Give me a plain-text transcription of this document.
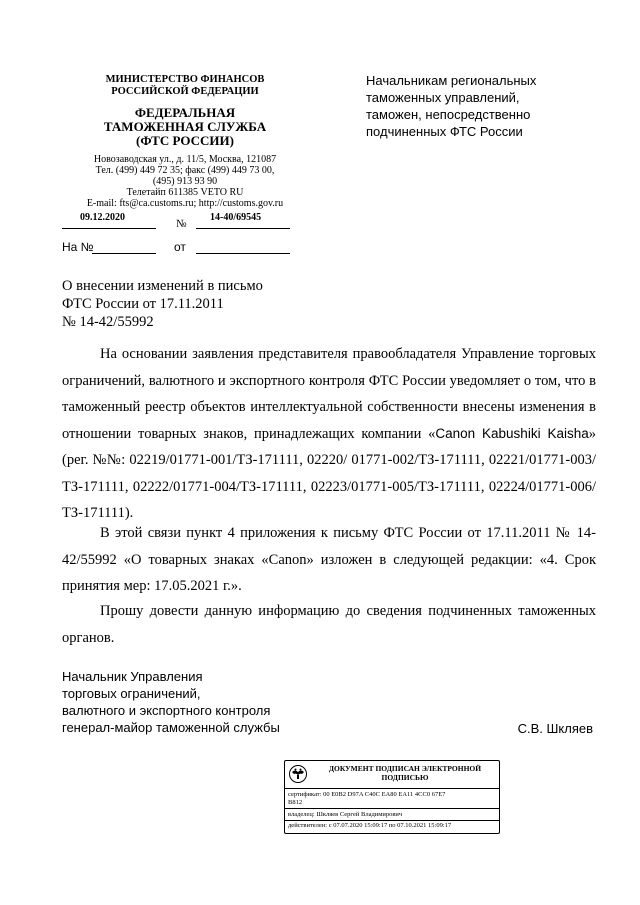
МИНИСТЕРСТВО ФИНАНСОВ
РОССИЙСКОЙ ФЕДЕРАЦИИ
ФЕДЕРАЛЬНАЯ
ТАМОЖЕННАЯ СЛУЖБА
(ФТС РОССИИ)
Новозаводская ул., д. 11/5, Москва, 121087
Тел. (499) 449 72 35; факс (499) 449 73 00,
(495) 913 93 90
Телетайп 611385 VETO RU
E-mail: fts@ca.customs.ru; http://customs.gov.ru
09.12.2020
№
14-40/69545
На №	от
Начальникам региональных
таможенных управлений,
таможен, непосредственно
подчиненных ФТС России
О внесении изменений в письмо
ФТС России от 17.11.2011
№ 14-42/55992
На основании заявления представителя правообладателя Управление торговых ограничений, валютного и экспортного контроля ФТС России уведомляет о том, что в таможенный реестр объектов интеллектуальной собственности внесены изменения в отношении товарных знаков, принадлежащих компании «Canon Kabushiki Kaisha» (рег. №№: 02219/01771-001/ТЗ-171111, 02220/ 01771-002/ТЗ-171111, 02221/01771-003/ТЗ-171111, 02222/01771-004/ТЗ-171111, 02223/01771-005/ТЗ-171111, 02224/01771-006/ТЗ-171111).
В этой связи пункт 4 приложения к письму ФТС России от 17.11.2011 № 14-42/55992 «О товарных знаках «Canon» изложен в следующей редакции: «4. Срок принятия мер: 17.05.2021 г.».
Прошу довести данную информацию до сведения подчиненных таможенных органов.
Начальник Управления
торговых ограничений,
валютного и экспортного контроля
генерал-майор таможенной службы	С.В. Шкляев
ДОКУМЕНТ ПОДПИСАН ЭЛЕКТРОННОЙ
ПОДПИСЬЮ
сертификат: 00 E0B2 D97A C40C EA80 EA11 4CC0 67E7
B812
владелец: Шкляев Сергей Владимирович
действителен: с 07.07.2020 15:09:17 по 07.10.2021 15:09:17
